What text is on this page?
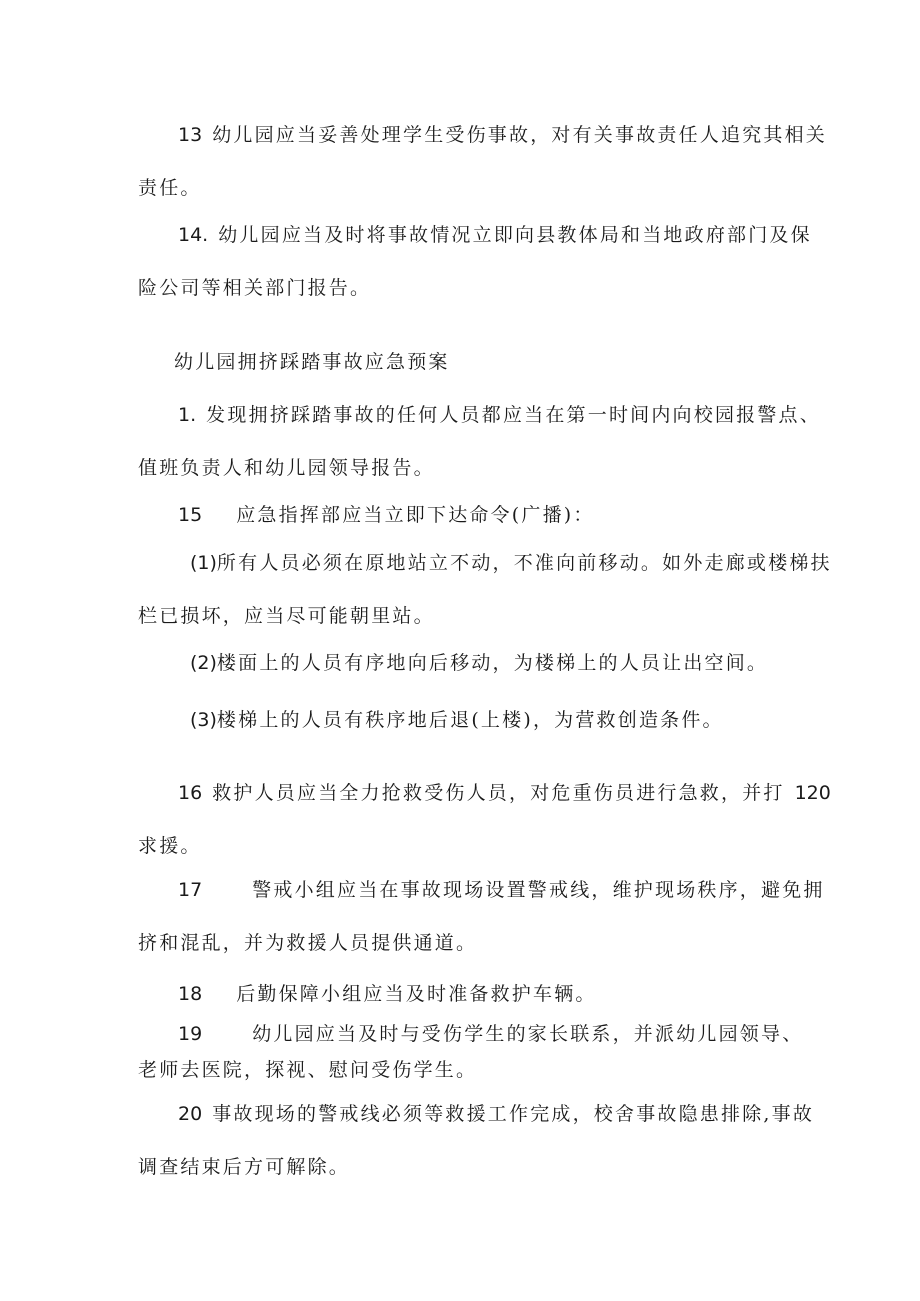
13 幼儿园应当妥善处理学生受伤事故，对有关事故责任人追究其相关
责任。
14. 幼儿园应当及时将事故情况立即向县教体局和当地政府部门及保
险公司等相关部门报告。
幼儿园拥挤踩踏事故应急预案
1. 发现拥挤踩踏事故的任何人员都应当在第一时间内向校园报警点、
值班负责人和幼儿园领导报告。
15 应急指挥部应当立即下达命令(广播)：
(1)所有人员必须在原地站立不动，不准向前移动。如外走廊或楼梯扶
栏已损坏，应当尽可能朝里站。
(2)楼面上的人员有序地向后移动，为楼梯上的人员让出空间。
(3)楼梯上的人员有秩序地后退(上楼)，为营救创造条件。
16 救护人员应当全力抢救受伤人员，对危重伤员进行急救，并打 120
求援。
17	警戒小组应当在事故现场设置警戒线，维护现场秩序，避免拥
挤和混乱，并为救援人员提供通道。
18 后勤保障小组应当及时准备救护车辆。
19	幼儿园应当及时与受伤学生的家长联系，并派幼儿园领导、
老师去医院，探视、慰问受伤学生。
20 事故现场的警戒线必须等救援工作完成，校舍事故隐患排除,事故
调查结束后方可解除。
